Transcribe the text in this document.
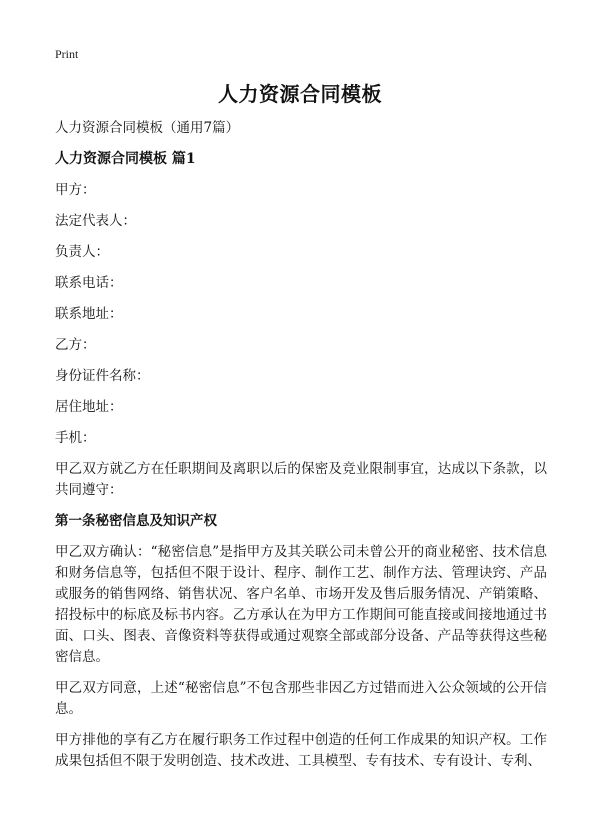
Print
人力资源合同模板

人力资源合同模板（通用7篇）

人力资源合同模板 篇1

甲方：

法定代表人：

负责人：

联系电话：

联系地址：

乙方：

身份证件名称：

居住地址：

手机：

甲乙双方就乙方在任职期间及离职以后的保密及竞业限制事宜，达成以下条款，以共同遵守：

第一条秘密信息及知识产权

甲乙双方确认：“秘密信息”是指甲方及其关联公司未曾公开的商业秘密、技术信息和财务信息等，包括但不限于设计、程序、制作工艺、制作方法、管理诀窍、产品或服务的销售网络、销售状况、客户名单、市场开发及售后服务情况、产销策略、招投标中的标底及标书内容。乙方承认在为甲方工作期间可能直接或间接地通过书面、口头、图表、音像资料等获得或通过观察全部或部分设备、产品等获得这些秘密信息。

甲乙双方同意，上述“秘密信息”不包含那些非因乙方过错而进入公众领域的公开信息。

甲方排他的享有乙方在履行职务工作过程中创造的任何工作成果的知识产权。工作成果包括但不限于发明创造、技术改进、工具模型、专有技术、专有设计、专利、
